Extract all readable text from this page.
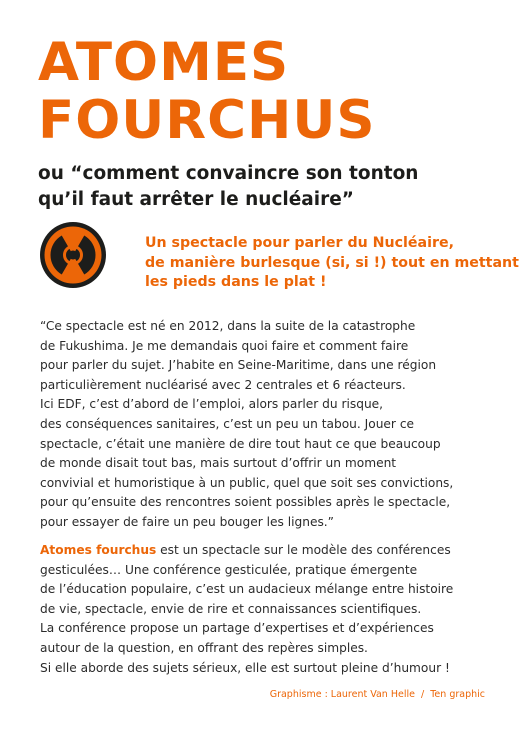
ATOMES
FOURCHUS
ou “comment convaincre son tonton
qu’il faut arrêter le nucléaire”

Un spectacle pour parler du Nucléaire,
de manière burlesque (si, si !) tout en mettant
les pieds dans le plat !

“Ce spectacle est né en 2012, dans la suite de la catastrophe
de Fukushima. Je me demandais quoi faire et comment faire
pour parler du sujet. J’habite en Seine-Maritime, dans une région
particulièrement nucléarisé avec 2 centrales et 6 réacteurs.
Ici EDF, c’est d’abord de l’emploi, alors parler du risque,
des conséquences sanitaires, c’est un peu un tabou. Jouer ce
spectacle, c’était une manière de dire tout haut ce que beaucoup
de monde disait tout bas, mais surtout d’offrir un moment
convivial et humoristique à un public, quel que soit ses convictions,
pour qu’ensuite des rencontres soient possibles après le spectacle,
pour essayer de faire un peu bouger les lignes.”

Atomes fourchus est un spectacle sur le modèle des conférences
gesticulées… Une conférence gesticulée, pratique émergente
de l’éducation populaire, c’est un audacieux mélange entre histoire
de vie, spectacle, envie de rire et connaissances scientifiques.
La conférence propose un partage d’expertises et d’expériences
autour de la question, en offrant des repères simples.
Si elle aborde des sujets sérieux, elle est surtout pleine d’humour !

Graphisme : Laurent Van Helle  /  Ten graphic
